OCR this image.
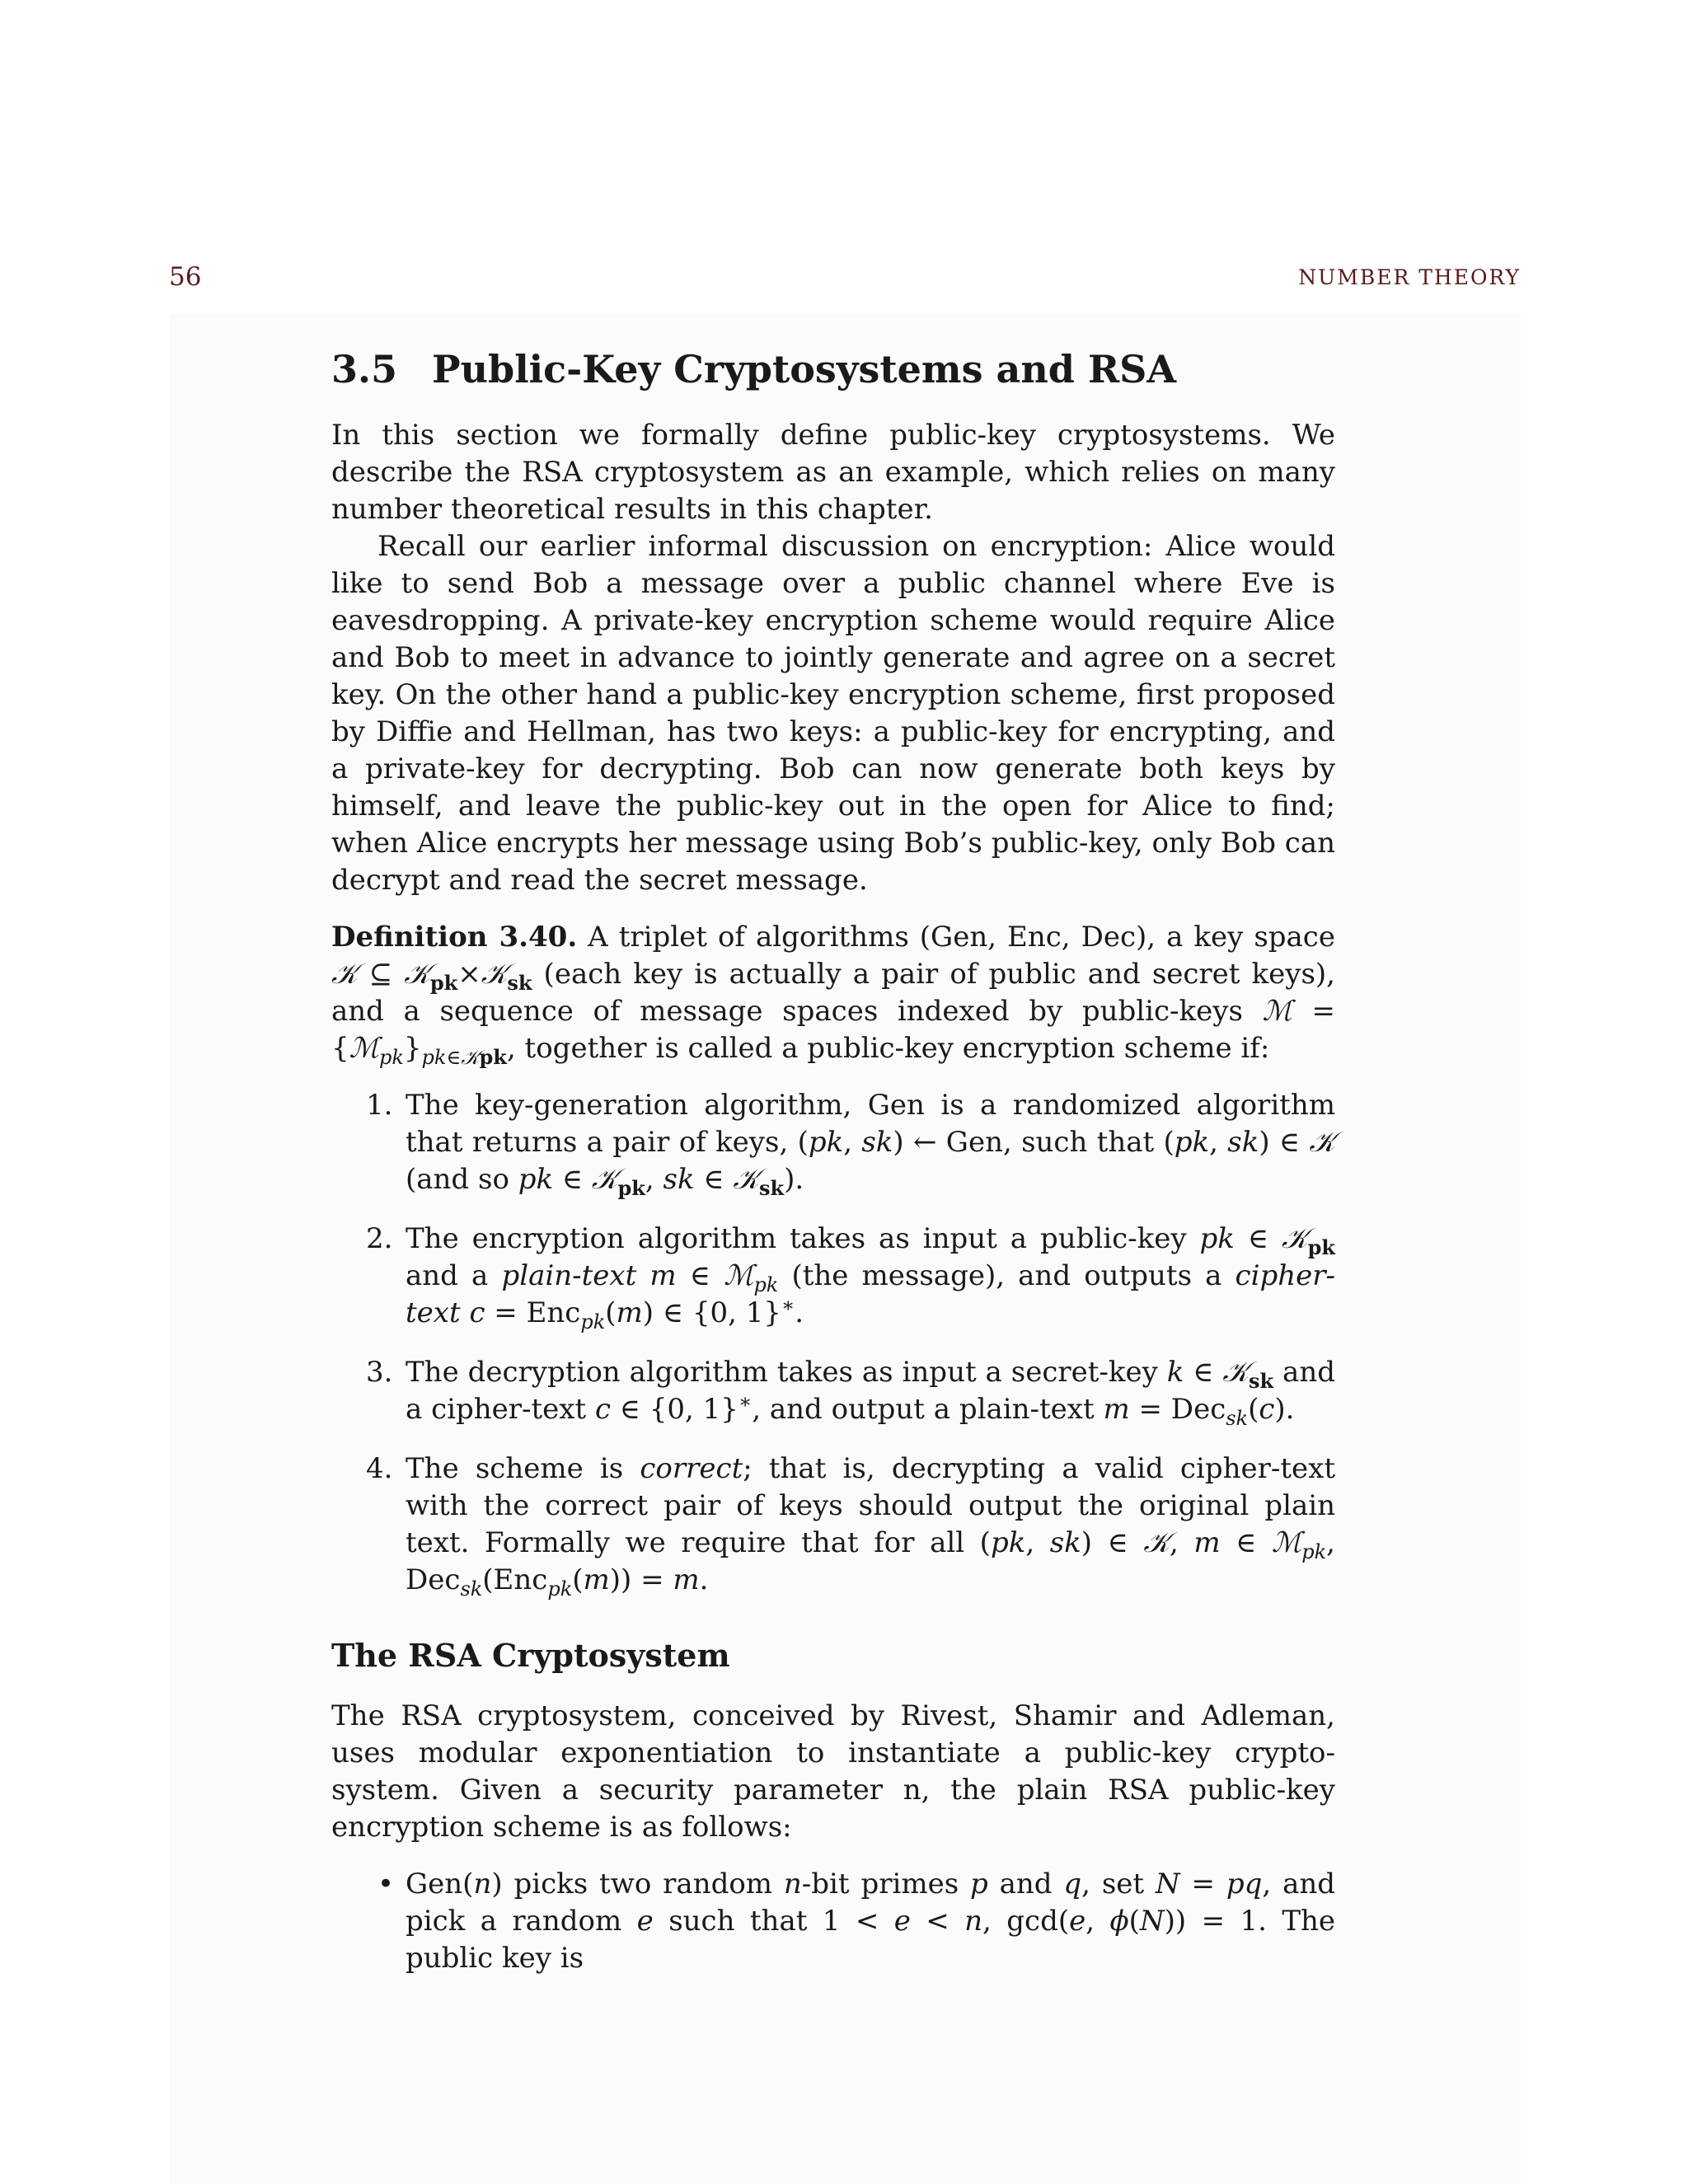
56	NUMBER THEORY
3.5 Public-Key Cryptosystems and RSA

In this section we formally define public-key cryptosystems. We describe the RSA cryptosystem as an example, which relies on many number theoretical results in this chapter.

Recall our earlier informal discussion on encryption: Alice would like to send Bob a message over a public channel where Eve is eavesdropping. A private-key encryption scheme would require Alice and Bob to meet in advance to jointly generate and agree on a secret key. On the other hand a public-key encryption scheme, first proposed by Diffie and Hellman, has two keys: a public-key for encrypting, and a private-key for decrypting. Bob can now generate both keys by himself, and leave the public-key out in the open for Alice to find; when Alice encrypts her message using Bob’s public-key, only Bob can decrypt and read the secret message.

Definition 3.40. A triplet of algorithms (Gen, Enc, Dec), a key space 𝒦 ⊆ 𝒦$_{pk}$×𝒦$_{sk}$ (each key is actually a pair of public and secret keys), and a sequence of message spaces indexed by public-keys ℳ = $\{ℳ_{pk}\}_{pk\in 𝒦pk}$, together is called a public-key encryption scheme if:

1. The key-generation algorithm, Gen is a randomized algorithm that returns a pair of keys, (pk, sk) ← Gen, such that (pk, sk) ∈ 𝒦 (and so pk ∈ 𝒦$_{pk}$, sk ∈ 𝒦$_{sk}$).
2. The encryption algorithm takes as input a public-key pk ∈ 𝒦$_{pk}$ and a plain-text m ∈ ℳ$_{pk}$ (the message), and outputs a cipher-text c = Enc$_{pk}$(m) ∈ {0, 1}∗.
3. The decryption algorithm takes as input a secret-key k ∈ 𝒦$_{sk}$ and a cipher-text c ∈ {0, 1}∗, and output a plain-text m = Dec$_{sk}$(c).
4. The scheme is correct; that is, decrypting a valid cipher-text with the correct pair of keys should output the original plain text. Formally we require that for all (pk, sk) ∈ 𝒦, m ∈ ℳ$_{pk}$, Dec$_{sk}$(Enc$_{pk}$(m)) = m.
The RSA Cryptosystem

The RSA cryptosystem, conceived by Rivest, Shamir and Adleman, uses modular exponentiation to instantiate a public-key crypto-system. Given a security parameter n, the plain RSA public-key encryption scheme is as follows:

• Gen(n) picks two random n-bit primes p and q, set N = pq, and pick a random e such that 1 < e < n, gcd(e, ϕ(N)) = 1. The public key is
